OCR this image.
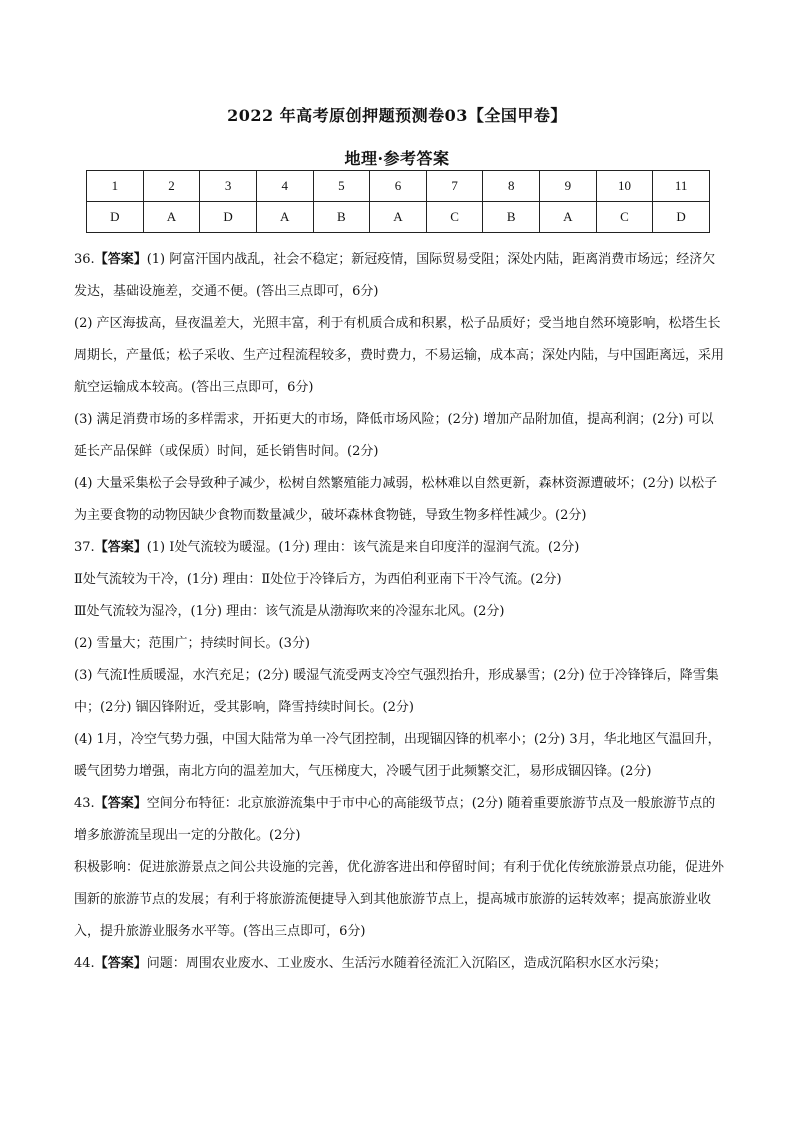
2022 年高考原创押题预测卷03【全国甲卷】
地理·参考答案
1	2	3	4	5	6	7	8	9	10	11
D	A	D	A	B	A	C	B	A	C	D

36.【答案】(1) 阿富汗国内战乱，社会不稳定；新冠疫情，国际贸易受阻；深处内陆，距离消费市场远；经济欠发达，基础设施差，交通不便。(答出三点即可，6分)

(2) 产区海拔高，昼夜温差大，光照丰富，利于有机质合成和积累，松子品质好；受当地自然环境影响，松塔生长周期长，产量低；松子采收、生产过程流程较多，费时费力，不易运输，成本高；深处内陆，与中国距离远，采用航空运输成本较高。(答出三点即可，6分)

(3) 满足消费市场的多样需求，开拓更大的市场，降低市场风险；(2分) 增加产品附加值，提高利润；(2分) 可以延长产品保鲜（或保质）时间，延长销售时间。(2分)

(4) 大量采集松子会导致种子减少，松树自然繁殖能力减弱，松林难以自然更新，森林资源遭破坏；(2分) 以松子为主要食物的动物因缺少食物而数量减少，破坏森林食物链，导致生物多样性减少。(2分)

37.【答案】(1) Ⅰ处气流较为暖湿。(1分) 理由：该气流是来自印度洋的湿润气流。(2分)

Ⅱ处气流较为干冷，(1分) 理由：Ⅱ处位于冷锋后方，为西伯利亚南下干冷气流。(2分)

Ⅲ处气流较为湿冷，(1分) 理由：该气流是从渤海吹来的冷湿东北风。(2分)

(2) 雪量大；范围广；持续时间长。(3分)

(3) 气流Ⅰ性质暖湿，水汽充足；(2分) 暖湿气流受两支冷空气强烈抬升，形成暴雪；(2分) 位于冷锋锋后，降雪集中；(2分) 锢囚锋附近，受其影响，降雪持续时间长。(2分)

(4) 1月，冷空气势力强，中国大陆常为单一冷气团控制，出现锢囚锋的机率小；(2分) 3月，华北地区气温回升，暖气团势力增强，南北方向的温差加大，气压梯度大，冷暖气团于此频繁交汇，易形成锢囚锋。(2分)

43.【答案】空间分布特征：北京旅游流集中于市中心的高能级节点；(2分) 随着重要旅游节点及一般旅游节点的增多旅游流呈现出一定的分散化。(2分)

积极影响：促进旅游景点之间公共设施的完善，优化游客进出和停留时间；有利于优化传统旅游景点功能，促进外围新的旅游节点的发展；有利于将旅游流便捷导入到其他旅游节点上，提高城市旅游的运转效率；提高旅游业收入，提升旅游业服务水平等。(答出三点即可，6分)

44.【答案】问题：周围农业废水、工业废水、生活污水随着径流汇入沉陷区，造成沉陷积水区水污染；
